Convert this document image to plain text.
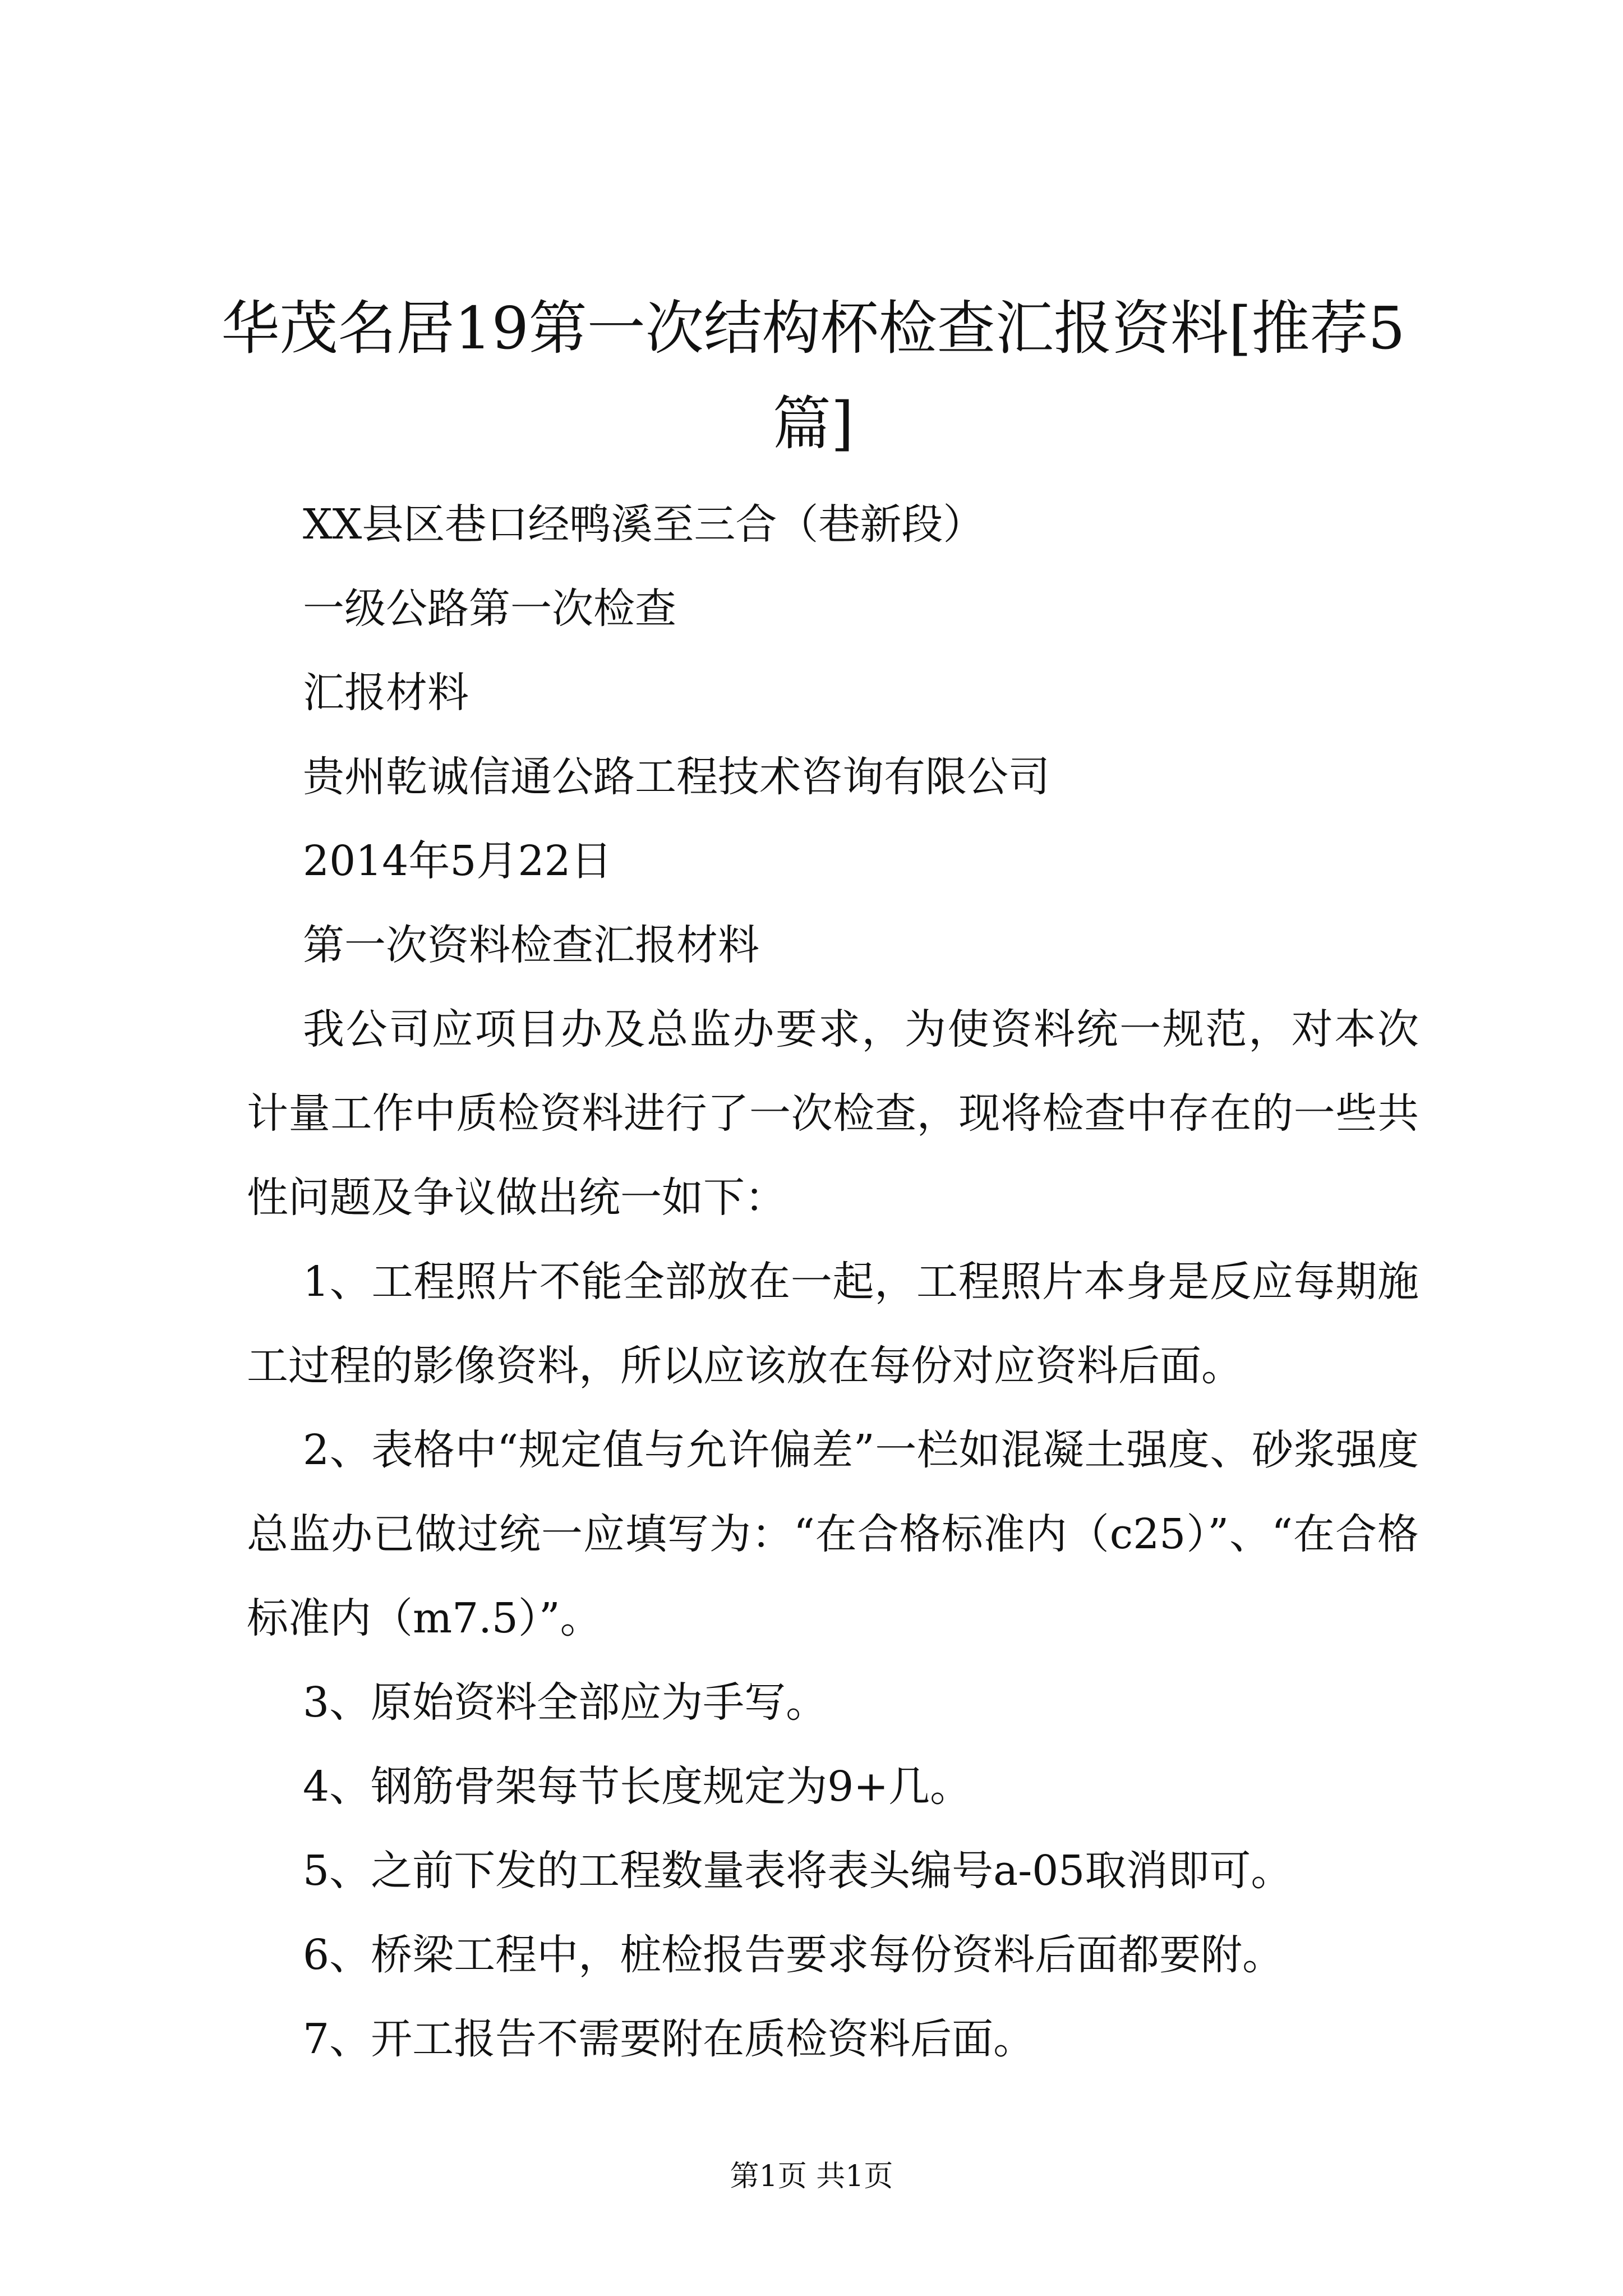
华茂名居19第一次结构杯检查汇报资料[推荐5篇]

XX县区巷口经鸭溪至三合（巷新段）

一级公路第一次检查

汇报材料

贵州乾诚信通公路工程技术咨询有限公司

2014年5月22日

第一次资料检查汇报材料

我公司应项目办及总监办要求，为使资料统一规范，对本次计量工作中质检资料进行了一次检查，现将检查中存在的一些共性问题及争议做出统一如下：

1、工程照片不能全部放在一起，工程照片本身是反应每期施工过程的影像资料，所以应该放在每份对应资料后面。

2、表格中“规定值与允许偏差”一栏如混凝土强度、砂浆强度总监办已做过统一应填写为：“在合格标准内（c25）”、“在合格标准内（m7.5）”。

3、原始资料全部应为手写。

4、钢筋骨架每节长度规定为9+几。

5、之前下发的工程数量表将表头编号a-05取消即可。

6、桥梁工程中，桩检报告要求每份资料后面都要附。

7、开工报告不需要附在质检资料后面。

第1页 共1页
